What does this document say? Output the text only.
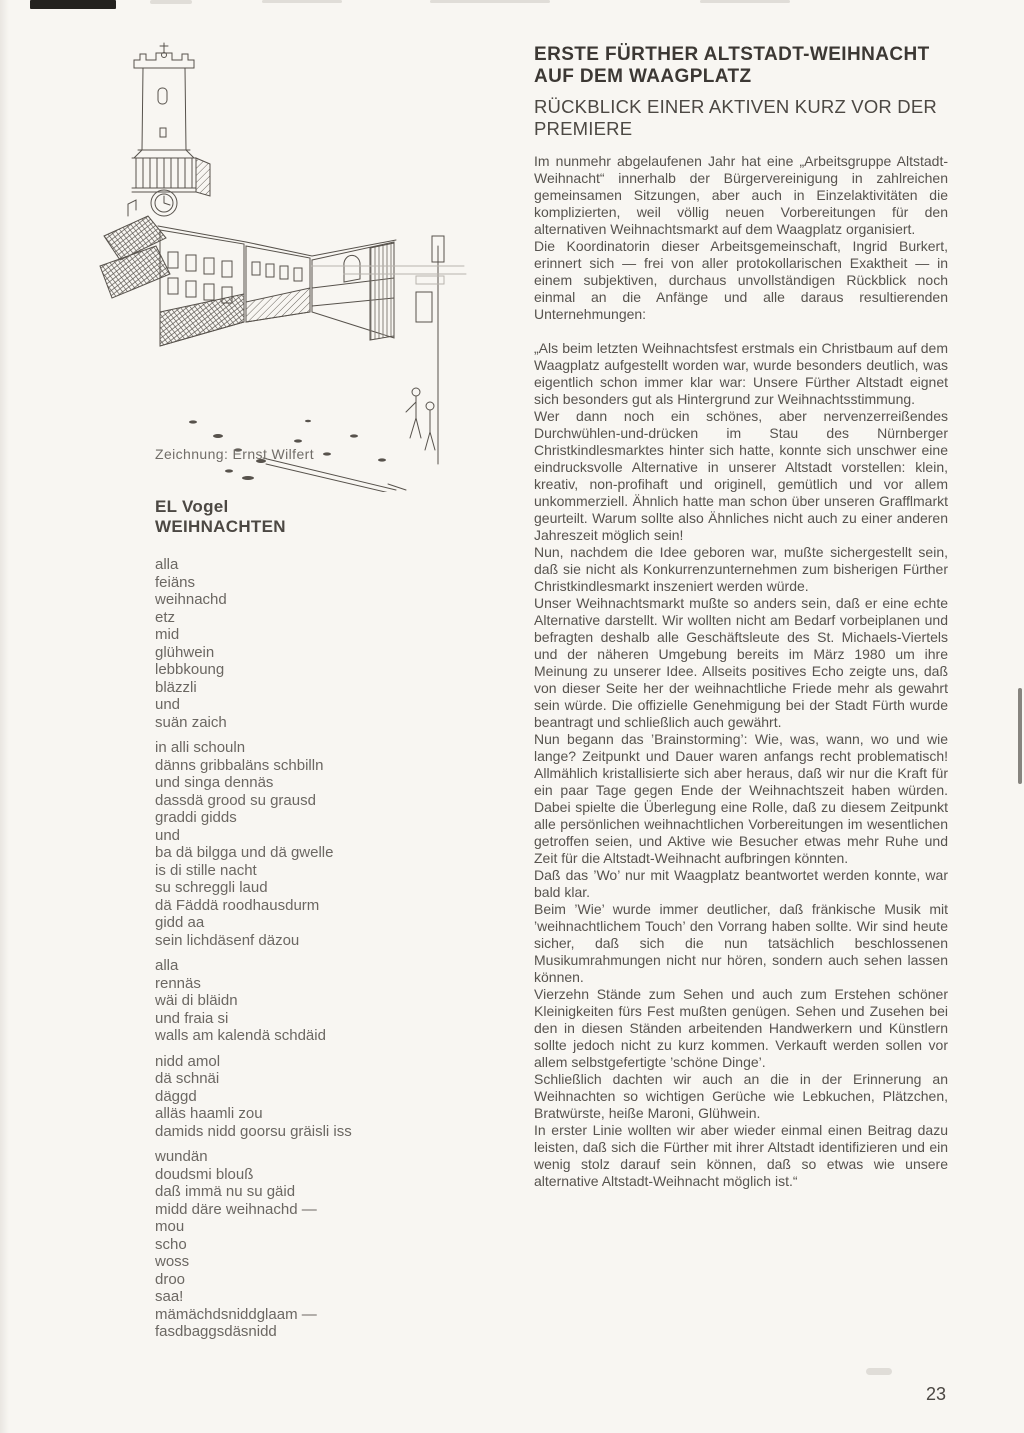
Zeichnung: Ernst Wilfert
EL Vogel
WEIHNACHTEN
alla
feiäns
weihnachd
etz
mid
glühwein
lebbkoung
bläzzli
und
suän zaich
in alli schouln
dänns gribbaläns schbilln
und singa dennäs
dassdä grood su grausd
graddi gidds
und
ba dä bilgga und dä gwelle
is di stille nacht
su schreggli laud
dä Fäddä roodhausdurm
gidd aa
sein lichdäsenf däzou
alla
rennäs
wäi di bläidn
und fraia si
walls am kalendä schdäid
nidd amol
dä schnäi
däggd
alläs haamli zou
damids nidd goorsu gräisli iss
wundän
doudsmi blouß
daß immä nu su gäid
midd däre weihnachd —
mou
scho
woss
droo
saa!
mämächdsniddglaam —
fasdbaggsdäsnidd
ERSTE FÜRTHER ALTSTADT-WEIHNACHT
AUF DEM WAAGPLATZ
RÜCKBLICK EINER AKTIVEN KURZ VOR DER
PREMIERE

Im nunmehr abgelaufenen Jahr hat eine „Arbeitsgruppe Altstadt-Weihnacht“ innerhalb der Bürgervereinigung in zahlreichen gemeinsamen Sitzungen, aber auch in Einzelaktivitäten die komplizierten, weil völlig neuen Vorbereitungen für den alternativen Weihnachtsmarkt auf dem Waagplatz organisiert.

Die Koordinatorin dieser Arbeitsgemeinschaft, Ingrid Burkert, erinnert sich — frei von aller protokollarischen Exaktheit — in einem subjektiven, durchaus unvollständigen Rückblick noch einmal an die Anfänge und alle daraus resultierenden Unternehmungen:

„Als beim letzten Weihnachtsfest erstmals ein Christbaum auf dem Waagplatz aufgestellt worden war, wurde besonders deutlich, was eigentlich schon immer klar war: Unsere Fürther Altstadt eignet sich besonders gut als Hintergrund zur Weihnachtsstimmung.

Wer dann noch ein schönes, aber nervenzerreißendes Durchwühlen-und-drücken im Stau des Nürnberger Christkindlesmarktes hinter sich hatte, konnte sich unschwer eine eindrucksvolle Alternative in unserer Altstadt vorstellen: klein, kreativ, non-profihaft und originell, gemütlich und vor allem unkommerziell. Ähnlich hatte man schon über unseren Grafflmarkt geurteilt. Warum sollte also Ähnliches nicht auch zu einer anderen Jahreszeit möglich sein!

Nun, nachdem die Idee geboren war, mußte sichergestellt sein, daß sie nicht als Konkurrenzunternehmen zum bisherigen Fürther Christkindlesmarkt inszeniert werden würde.

Unser Weihnachtsmarkt mußte so anders sein, daß er eine echte Alternative darstellt. Wir wollten nicht am Bedarf vorbeiplanen und befragten deshalb alle Geschäftsleute des St. Michaels-Viertels und der näheren Umgebung bereits im März 1980 um ihre Meinung zu unserer Idee. Allseits positives Echo zeigte uns, daß von dieser Seite her der weihnachtliche Friede mehr als gewahrt sein würde. Die offizielle Genehmigung bei der Stadt Fürth wurde beantragt und schließlich auch gewährt.

Nun begann das ’Brainstorming’: Wie, was, wann, wo und wie lange? Zeitpunkt und Dauer waren anfangs recht problematisch! Allmählich kristallisierte sich aber heraus, daß wir nur die Kraft für ein paar Tage gegen Ende der Weihnachtszeit haben würden. Dabei spielte die Überlegung eine Rolle, daß zu diesem Zeitpunkt alle persönlichen weihnachtlichen Vorbereitungen im wesentlichen getroffen seien, und Aktive wie Besucher etwas mehr Ruhe und Zeit für die Altstadt-Weihnacht aufbringen könnten.

Daß das ’Wo’ nur mit Waagplatz beantwortet werden konnte, war bald klar.

Beim ’Wie’ wurde immer deutlicher, daß fränkische Musik mit ’weihnachtlichem Touch’ den Vorrang haben sollte. Wir sind heute sicher, daß sich die nun tatsächlich beschlossenen Musikumrahmungen nicht nur hören, sondern auch sehen lassen können.

Vierzehn Stände zum Sehen und auch zum Erstehen schöner Kleinigkeiten fürs Fest mußten genügen. Sehen und Zusehen bei den in diesen Ständen arbeitenden Handwerkern und Künstlern sollte jedoch nicht zu kurz kommen. Verkauft werden sollen vor allem selbstgefertigte ’schöne Dinge’.

Schließlich dachten wir auch an die in der Erinnerung an Weihnachten so wichtigen Gerüche wie Lebkuchen, Plätzchen, Bratwürste, heiße Maroni, Glühwein.

In erster Linie wollten wir aber wieder einmal einen Beitrag dazu leisten, daß sich die Fürther mit ihrer Altstadt identifizieren und ein wenig stolz darauf sein können, daß so etwas wie unsere alternative Altstadt-Weihnacht möglich ist.“

23
